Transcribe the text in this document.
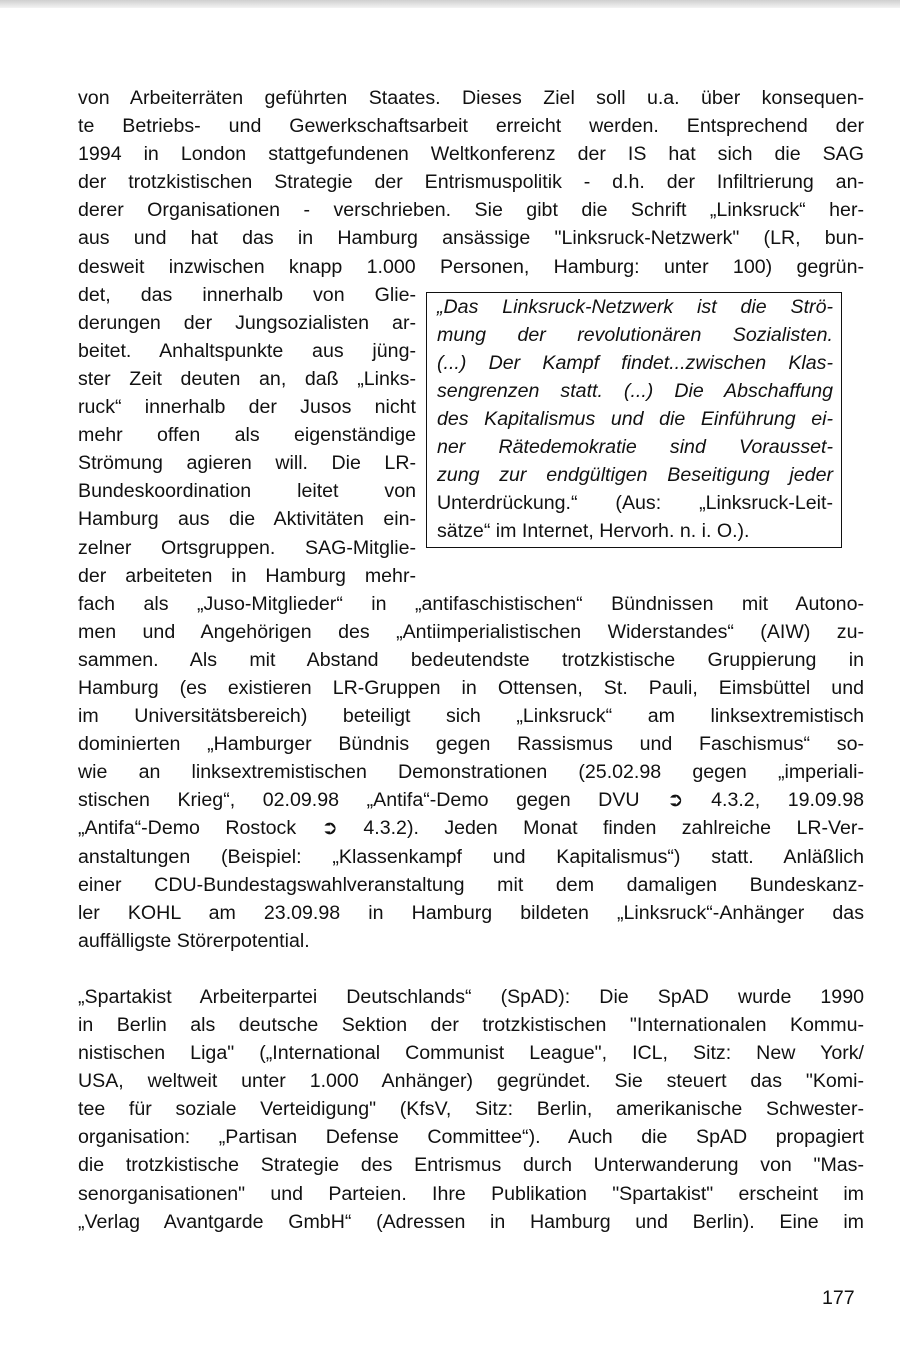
von Arbeiterräten geführten Staates. Dieses Ziel soll u.a. über konsequen-
te Betriebs- und Gewerkschaftsarbeit erreicht werden. Entsprechend der
1994 in London stattgefundenen Weltkonferenz der IS hat sich die SAG
der trotzkistischen Strategie der Entrismuspolitik - d.h. der Infiltrierung an-
derer Organisationen - verschrieben. Sie gibt die Schrift „Linksruck“ her-
aus und hat das in Hamburg ansässige "Linksruck-Netzwerk" (LR, bun-
desweit inzwischen knapp 1.000 Personen, Hamburg: unter 100) gegrün-
det, das innerhalb von Glie-
derungen der Jungsozialisten ar-
beitet. Anhaltspunkte aus jüng-
ster Zeit deuten an, daß „Links-
ruck“ innerhalb der Jusos nicht
mehr offen als eigenständige
Strömung agieren will. Die LR-
Bundeskoordination leitet von
Hamburg aus die Aktivitäten ein-
zelner Ortsgruppen. SAG-Mitglie-
der arbeiteten in Hamburg mehr-
„Das Linksruck-Netzwerk ist die Strö-
mung der revolutionären Sozialisten.
(...) Der Kampf findet...zwischen Klas-
sengrenzen statt. (...) Die Abschaffung
des Kapitalismus und die Einführung ei-
ner Rätedemokratie sind Vorausset-
zung zur endgültigen Beseitigung jeder
Unterdrückung.“ (Aus: „Linksruck-Leit-
sätze“ im Internet, Hervorh. n. i. O.).
fach als „Juso-Mitglieder“ in „antifaschistischen“ Bündnissen mit Autono-
men und Angehörigen des „Antiimperialistischen Widerstandes“ (AIW) zu-
sammen. Als mit Abstand bedeutendste trotzkistische Gruppierung in
Hamburg (es existieren LR-Gruppen in Ottensen, St. Pauli, Eimsbüttel und
im Universitätsbereich) beteiligt sich „Linksruck“ am linksextremistisch
dominierten „Hamburger Bündnis gegen Rassismus und Faschismus“ so-
wie an linksextremistischen Demonstrationen (25.02.98 gegen „imperiali-
stischen Krieg“, 02.09.98 „Antifa“-Demo gegen DVU ➲ 4.3.2, 19.09.98
„Antifa“-Demo Rostock ➲ 4.3.2). Jeden Monat finden zahlreiche LR-Ver-
anstaltungen (Beispiel: „Klassenkampf und Kapitalismus“) statt. Anläßlich
einer CDU-Bundestagswahlveranstaltung mit dem damaligen Bundeskanz-
ler KOHL am 23.09.98 in Hamburg bildeten „Linksruck“-Anhänger das
auffälligste Störerpotential.
„Spartakist Arbeiterpartei Deutschlands“ (SpAD): Die SpAD wurde 1990
in Berlin als deutsche Sektion der trotzkistischen "Internationalen Kommu-
nistischen Liga" („International Communist League", ICL, Sitz: New York/
USA, weltweit unter 1.000 Anhänger) gegründet. Sie steuert das "Komi-
tee für soziale Verteidigung" (KfsV, Sitz: Berlin, amerikanische Schwester-
organisation: „Partisan Defense Committee“). Auch die SpAD propagiert
die trotzkistische Strategie des Entrismus durch Unterwanderung von "Mas-
senorganisationen" und Parteien. Ihre Publikation "Spartakist" erscheint im
„Verlag Avantgarde GmbH“ (Adressen in Hamburg und Berlin). Eine im
177
